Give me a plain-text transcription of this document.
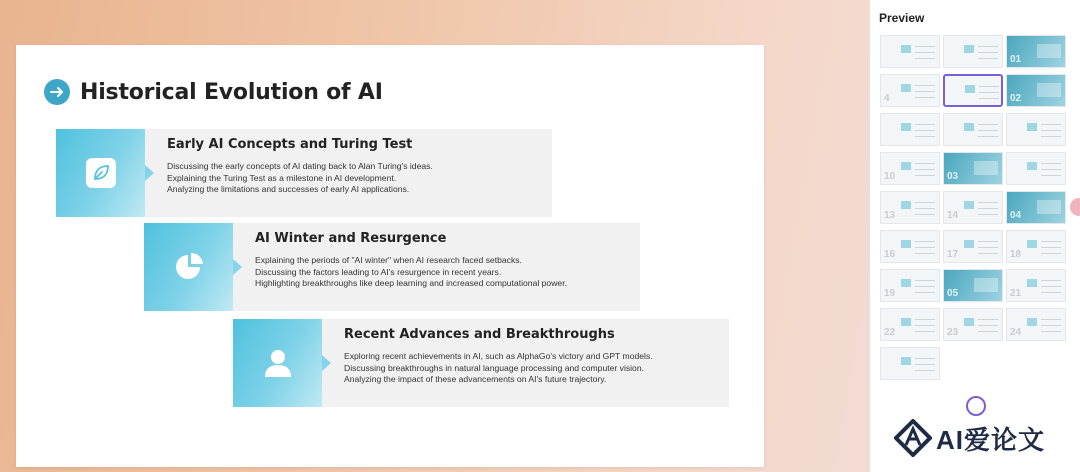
Historical Evolution of AI
Early AI Concepts and Turing Test
Discussing the early concepts of AI dating back to Alan Turing's ideas.
Explaining the Turing Test as a milestone in AI development.
Analyzing the limitations and successes of early AI applications.
AI Winter and Resurgence
Explaining the periods of "AI winter" when AI research faced setbacks.
Discussing the factors leading to AI's resurgence in recent years.
Highlighting breakthroughs like deep learning and increased computational power.
Recent Advances and Breakthroughs
Exploring recent achievements in AI, such as AlphaGo's victory and GPT models.
Discussing breakthroughs in natural language processing and computer vision.
Analyzing the impact of these advancements on AI's future trajectory.
Preview
01
4	02
10	03
13	14	04
16	17	18
19	05	21
22	23	24
AI爱论文
